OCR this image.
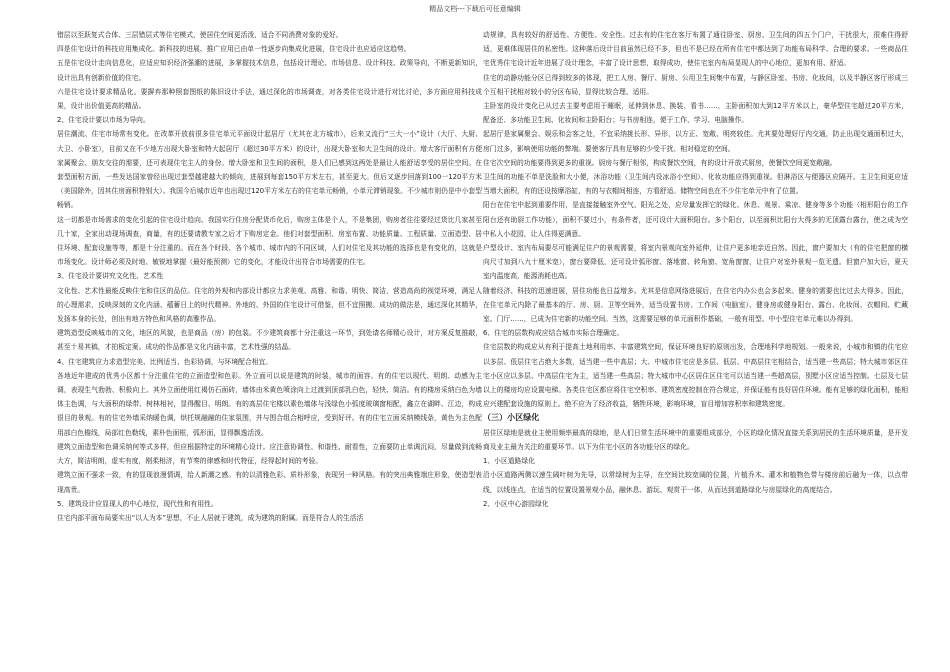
精品文档---下载后可任意编辑

错层以至跃复式合体、三层错层式等住宅模式，使居住空间更活泼，适合不同消费对象的爱好。

四是住宅设计的科技应用集成化。新科技的进展、推广应用已由单一性逐步向集成化进展，住宅设计也应适应这趋势。

五是住宅设计走向信息化，应适应知识经济强潮的进展，多掌握技术信息，包括设计理论、市场信息、设计科技、政策导向，不断更新知识，设计出具有创新价值的住宅。

六是住宅设计要求精品化。要摒弃那种照套图纸的陈旧设计手法，通过深化的市场调查，对各类住宅设计进行对比讨论，多方面应用科技成果，设计出价值更高的精品。

2、住宅设计要以市场为导向。

居住潮流、住宅市场常有变化。在改革开放前很多住宅单元平面设计起居厅（尤其在北方城市），后来又流行“三大一小”设计（大厅、大厨、大卫、小卧室），目前又在不少地方出现大卧室和特大起居厅（超过30平方米）的设计，出现大卧室和大卫生间的设计。增大客厅面积有方便家属聚会、朋友交往的需要，还可表现住宅主人的身份。增大卧室和卫生间的面积，是人们已感到这两处是最让人能舒适享受的居住空间。在套型面积方面，一些发达国家曾经出现过套型越建越大的倾向，进展到每套150平方米左右，甚至更大。但后又逐步回落到100一120平方米（美国除外，因其住房面积特别大）。我国今后城市近年也出现过120平方米左右的住宅单元畅销，小单元滞销现象。不少城市则仍是中小套型畅销。

这一切都是市场需求的变化引起的住宅设计趋向。我国实行住房分配货币化后，购房主体是个人，不是集团，购房者往往要经过货比几家甚至几十家，全家出动现场调查，商量，有的还要请教专家之后才下购房定金。他们对套型面积、房室布置、功能质量、工程质量、立面造型、居住环境、配套设施等等，都是十分注重的。而在各个时段、各个城市、城市内的不同区域，人们对住宅及其功能的选择也是有变化的，这就是市场变化。设计师必须及时地、敏锐地掌握（最好能预测）它的变化，才能设计出符合市场需要的住宅。

3、住宅设计要讲究文化性、艺术性

文化性、艺术性最能反映住宅和住区的品位。住宅的外观和内部设计都应力求美观、高雅、和谐、明快、简洁，营造高尚的视觉环境，满足人的心理需求，反映深刻的文化内涵、蕴蓄日上的时代精神。外地的、外国的住宅设计可借鉴，但不宜照搬。成功的做法是，通过深化其精华，发扬本身的长处，创出有地方特色和风格的高雅作品。

建筑造型反映城市的文化，地区的风貌，也是商品（房）的包装。不少建筑商都十分注重这一环节，到处请名师精心设计，对方案反复推敲，甚至十易其稿，才拍板定案。成功的作品都是文化内涵丰富，艺术性强的结晶。

4、住宅建筑应力求造型完美、比例适当、色彩协调，与环境配合相宜。

各地近年建成的优秀小区都十分注重住宅的立面造型和色彩。外立面可以说是建筑的时装，城市的面容。有的住宅以现代、明朗、动感为主调，表现生气勃勃、积极向上。其外立面使用红褐仿石面砖，墙体由米黄色喷涂向上过渡到顶部乳白色，轻快、简洁。有的楼房采纳白色为墙体主色调，与大面积的绿带、树林相衬，显得醒目、明朗。有的高层住宅楼以素色墙体与浅绿色小弧度玻璃窗相配，鑫立在湖畔、江边，构成很目的景观。有的住宅外墙采纳暖色调，烘托规融融的住家氛围，并与围合组合相呼应，受到好评。有的住宅立面采纳模线条，黄色为主色配用部白色檐线，局部红色勒线，素朴色面框，弧形面，显得飘逸活泼。

建筑立面造型和色调采纳何等式多样，但应根据特定的环境精心设计。应注意协调性、和谐性、耐看性，立面要防止单调沉闷，尽量做到流畅大方，简洁明朗，虚实有度，刚柔相济，有节奏的律感和时代特征，经得起时间的考验。

建筑立面不强求一致，有的显现浪漫情调，给人新潮之感。有的以清雅色彩、质朴形象，表现另一种风格。有的突出典雅端庄形象，使造型表现高贵。

5、建筑设计应显现人的中心地位，现代性和有用性。

住宅内部平面布局要实出“以人为本”思想，不止人居就于建筑，成为建筑的附属。而是符合人的生活活

动规律，具有较好的舒适性、方便性、安全性。过去有的住宅在客厅布置了通往卧室、厨房、卫生间的四五个门户，干扰很大，很难住得舒适，更难体现居住的私密性。这种落后设计目前虽然已经不多，但也不是已经在所有住宅中都达到了功能布局科学、合理的要求。一些商品住宅优秀住宅设计近年进展了设计理念，丰富了设计思想，取得成功，使住宅室内布局显现人的中心地位，更加有用、舒适。

住宅的动静功能分区已得到较多的体现，把工人房、餐厅、厨房、公用卫生间集中布置，与静区卧室、书房、化妆间，以及半静区客厅形成三个互相干扰相对较小的分区布局，显得比较合理、适用。

主卧室的设计变化已从过去主要考虑用于睡眠，延伸到休息、换装、看书……，主卧面积加大到12平方米以上，豪华型住宅超过20平方米，配备还、多功能卫生间、化妆间和主卧阳台；与书房相连，便于工作、学习、电脑操作。

起居厅是家属聚会、娱乐和会客之处，不宜采纳挑长形、异形，以方正、宽敞、明亮较佳。尤其要处理好厅内交通，防止出现交通面积过大，房门过多，影响使用功能的弊端。要使客厅具有足够的少受干扰、相对稳定的空间。

住宅次空间的功能要得到更多的重视。厨房与餐厅相邻，构成餐饮空间，有的设计开放式厨房，使餐饮空间更宽敞融。

卫生间的功能不单是洗脸和大小便，沐浴功能（卫生间内设冰浴小空间）、化妆功能应得到重视。但淋浴区与便器区应隔开。主卫生间更应适当增大面积，有的还设按摩浴缸，有的与衣帽间相连，方看舒适。储物空间也在不少住宅单元中有了位置。

阳台在住宅中起到重要作用，是直接接触室外空气、阳光之处，应尽量发挥它的绿化、休息、观景、乘凉、健身等多个功能（相形阳台的工作阳台还有助厨工作功能），面积不要过小，有条件者，还可设计大面积阳台。多个阳台，以至面积比阳台大得多的无顶露台露台，使之成为空中私人小花园，让人住得更满意。

户型设计、室内布局要尽可能满足住户的景观需要，将室内景观向室外延伸，让住户更多地亲近自然。因此，窗户要加大（有的住宅把窗的横向尺寸加到八九十厘米宽），窗台要降低，还可设计弧形窗、落地窗、转角窗、宽角窗窗，让住户对室外景观一览无遗。但窗户加大后，夏天室内温度高，能源消耗也高。

随着经济、科技的迅速进展，居住功能也日益增多。尤其是信息网络进展后，在住宅内办公也会多起来。健身的需要也比过去大得多。因此，在住宅单元内除了最基本的厅、房、厨、卫等空间外，适当设置书房、工作间（电脑室）、健身房或健身阳台、露台、化妆间、衣帽间、贮藏室、门厅……，已成为住宅新的功能空间。当然，这需要足够的单元面积作基础，一般有用型、中小型住宅单元难以办得到。

6、住宅的层数构成应结合城市实际合理确定。

住宅层数的构成应从有利于提高土地利用率、丰富建筑空间，保证环境良好的原则出发，合理地科学地规划。一般来说，小城市和镇的住宅应以多层、低层住宅占绝大多数，适当建一些中高层；大、中城市住宅应是多层、低层、中高层住宅相结合，适当建一些高层；特大城市郊区住宅小区应以多层、中高层住宅为主，适当建一些高层；特大城市中心区居住区住宅可以适当建一些超高层，别墅小区应适当控制。七层及七层以上的楼房均应设置电梯。各类住宅区都应将住宅空积率、建筑密度控制在符合规定，并保证能有良好居住环境。能有足够的绿化面积，能相应兴建配套设施的原则上。绝不应为了经济收益，牺牲环境，影响环境，盲目增加容积率和建筑密度。

（三）小区绿化

居住区绿地是就业主使用频率最高的绿地，是人们日常生活环境中的重要组成部分，小区的绿化情况直接关系到居民的生活环境质量，是开发商及业主最为关注的重要环节。以下为住宅小区的各功能分区的绿化。

1、小区道路绿化

沿小区道路两侧以速生阔叶树为先导，以常绿树为主导，在空间比较宽阔的位置，片植乔木、灌木和植物色带与楼房前后融为一体，以点带线，以线连点，在适当的位置设置景观小品，融休息、游玩、观赏于一体，从而达到道路绿化与房屋绿化的高度结合。

2、小区中心游园绿化
